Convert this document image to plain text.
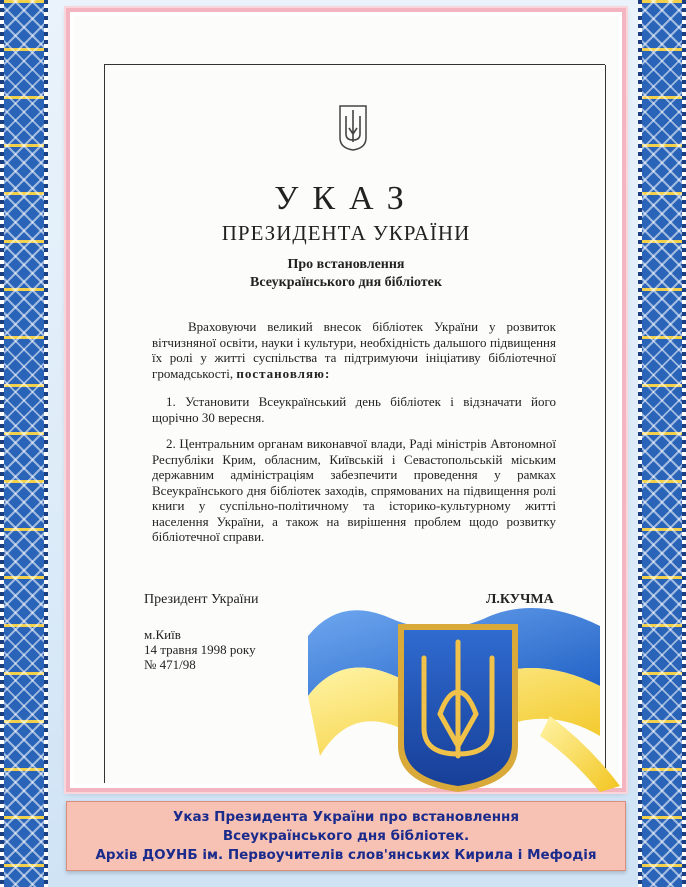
УКАЗ
ПРЕЗИДЕНТА УКРАЇНИ
Про встановлення
Всеукраїнського дня бібліотек
Враховуючи великий внесок бібліотек України у розвиток вітчизняної освіти, науки і культури, необхідність дальшого підвищення їх ролі у житті суспільства та підтримуючи ініціативу бібліотечної громадськості, постановляю:
1. Установити Всеукраїнський день бібліотек і відзначати його щорічно 30 вересня.
2. Центральним органам виконавчої влади, Раді міністрів Автономної Республіки Крим, обласним, Київській і Севастопольській міським державним адміністраціям забезпечити проведення у рамках Всеукраїнського дня бібліотек заходів, спрямованих на підвищення ролі книги у суспільно-політичному та історико-культурному житті населення України, а також на вирішення проблем щодо розвитку бібліотечної справи.
Президент України	Л.КУЧМА
м.Київ
14 травня 1998 року
№ 471/98
Указ Президента України про встановлення
Всеукраїнського дня бібліотек.
Архів ДОУНБ ім. Первоучителів слов'янських Кирила і Мефодія
